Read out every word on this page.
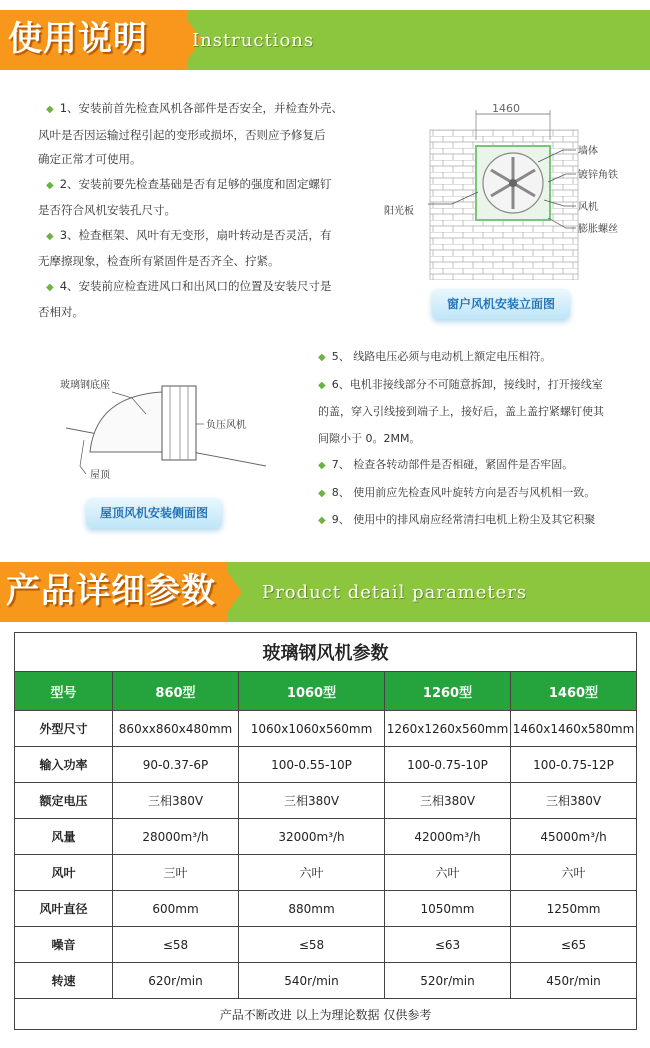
使用说明 Instructions
◆ 1、安装前首先检查风机各部件是否安全，并检查外壳、
风叶是否因运输过程引起的变形或损坏，否则应予修复后
确定正常才可使用。
◆ 2、安装前要先检查基础是否有足够的强度和固定螺钉
是否符合风机安装孔尺寸。
◆ 3、检查框架、风叶有无变形，扇叶转动是否灵活，有
无摩擦现象，检查所有紧固件是否齐全、拧紧。
◆ 4、安装前应检查进风口和出风口的位置及安装尺寸是
否相对。
1460
墙体
镀锌角铁
阳光板	风机
膨胀螺丝
窗户风机安装立面图
玻璃钢底座
负压风机
屋顶
屋顶风机安装侧面图
◆ 5、 线路电压必须与电动机上额定电压相符。
◆ 6、电机非接线部分不可随意拆卸，接线时，打开接线室
的盖，穿入引线接到端子上，接好后，盖上盖拧紧螺钉使其
间隙小于 0。2MM。
◆ 7、 检查各转动部件是否相碰，紧固件是否牢固。
◆ 8、 使用前应先检查风叶旋转方向是否与风机相一致。
◆ 9、 使用中的排风扇应经常清扫电机上粉尘及其它积聚
产品详细参数	Product detail parameters
玻璃钢风机参数				
型号	860型	1060型	1260型	1460型
外型尺寸	860xx860x480mm	1060x1060x560mm	1260x1260x560mm	1460x1460x580mm
输入功率	90-0.37-6P	100-0.55-10P	100-0.75-10P	100-0.75-12P
额定电压	三相380V	三相380V	三相380V	三相380V
风量	28000m³/h	32000m³/h	42000m³/h	45000m³/h
风叶	三叶	六叶	六叶	六叶
风叶直径	600mm	880mm	1050mm	1250mm
噪音	≤58	≤58	≤63	≤65
转速	620r/min	540r/min	520r/min	450r/min
产品不断改进 以上为理论数据 仅供参考				
